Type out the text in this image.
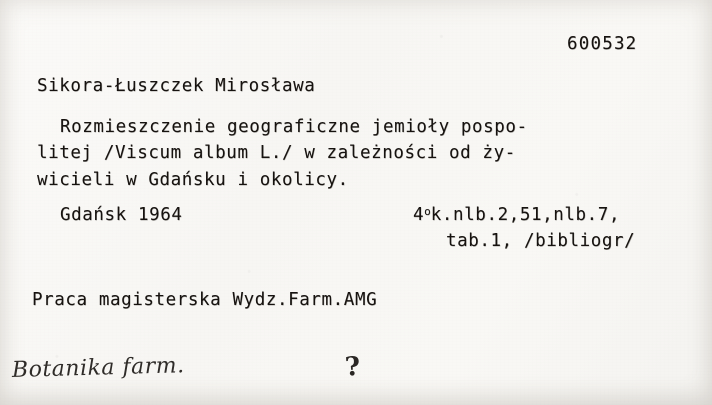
600532
Sikora-Łuszczek Mirosława
Rozmieszczenie geograficzne jemioły pospo-
litej /Viscum album L./ w zależności od ży-
wicieli w Gdańsku i okolicy.
Gdańsk 1964	4$^o$k.nlb.2,51,nlb.7,
tab.1, /bibliogr/
Praca magisterska Wydz.Farm.AMG
Botanika farm.	?
